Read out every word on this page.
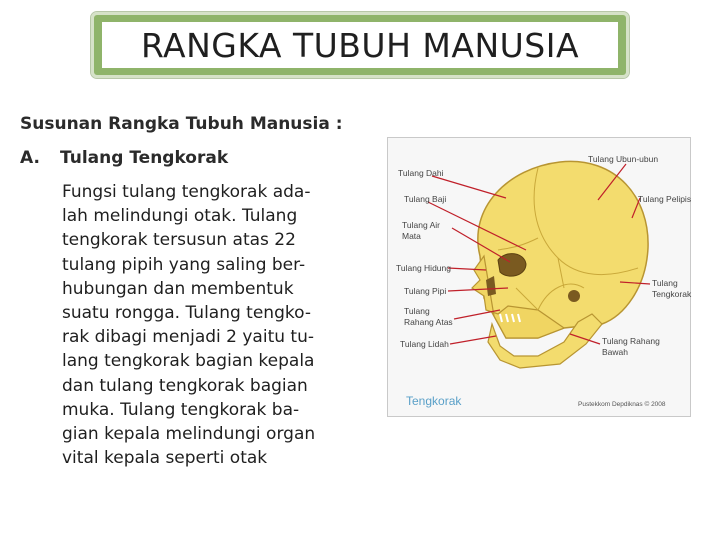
RANGKA TUBUH MANUSIA
Susunan Rangka Tubuh Manusia :
A. Tulang Tengkorak
Fungsi tulang tengkorak ada-
lah melindungi otak. Tulang
tengkorak tersusun atas 22
tulang pipih yang saling ber-
hubungan dan membentuk
suatu rongga. Tulang tengko-
rak dibagi menjadi 2 yaitu tu-
lang tengkorak bagian kepala
dan tulang tengkorak bagian
muka. Tulang tengkorak ba-
gian kepala melindungi organ
vital kepala seperti otak
Tulang Dahi
Tulang Baji
Tulang Air
Mata
Tulang Hidung
Tulang Pipi
Tulang
Rahang Atas
Tulang Lidah
Tulang Ubun-ubun
Tulang Pelipis
Tulang
Tengkorak
Tulang Rahang
Bawah
Tengkorak	Pustekkom Depdiknas © 2008
